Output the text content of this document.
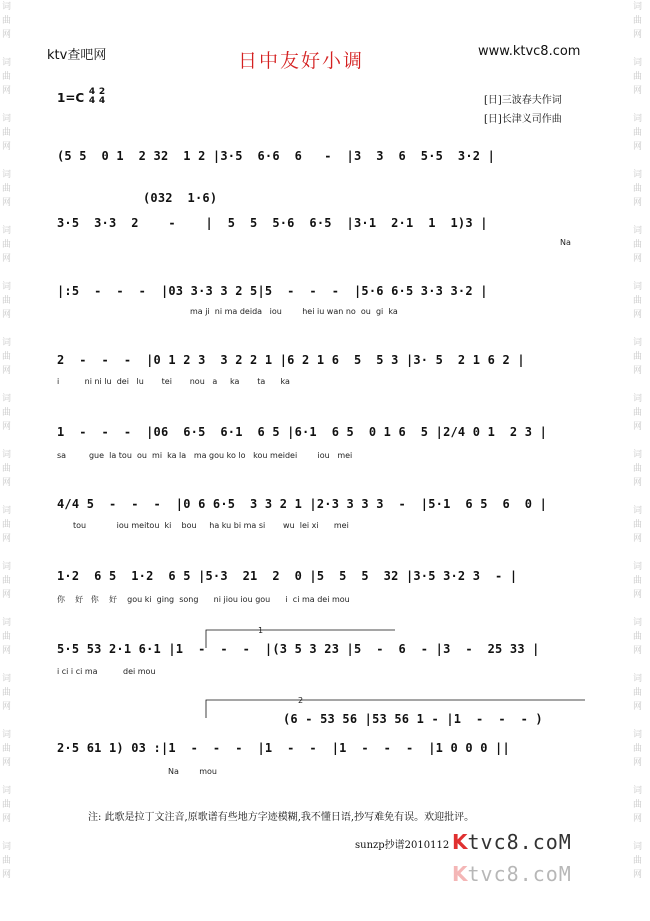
词
曲
网
词
曲
网
词
曲
网
词
曲
网
词
曲
网
词
曲
网
词
曲
网
词
曲
网
词
曲
网
词
曲
网
词
曲
网
词
曲
网
词
曲
网
词
曲
网
词
曲
网
词
曲
网
词
曲
网
词
曲
网
词
曲
网
词
曲
网
词
曲
网
词
曲
网
词
曲
网
词
曲
网
词
曲
网
词
曲
网
词
曲
网
词
曲
网
词
曲
网
词
曲
网
词
曲
网
词
曲
网
ktv查吧网	日中友好小调	www.ktvc8.com
1=C 4
4
2
4	[日]三波春夫作词
[日]长津义司作曲
(5 5  0 1  2 32  1 2 |3·5  6·6  6   -  |3  3  6  5·5  3·2 |
(032  1·6)
3·5  3·3  2    -    |  5  5  5·6  6·5  |3·1  2·1  1  1)3 |
Na
|:5  -  -  -  |03 3·3 3 2 5|5  -  -  -  |5·6 6·5 3·3 3·2 |
ma ji  ni ma deida   iou        hei iu wan no  ou  gi  ka
2  -  -  -  |0 1 2 3  3 2 2 1 |6 2 1 6  5  5 3 |3· 5  2 1 6 2 |
i          ni ni lu  dei   lu       tei       nou   a     ka       ta      ka
1  -  -  -  |06  6·5  6·1  6 5 |6·1  6 5  0 1 6  5 |2/4 0 1  2 3 |
sa         gue  la tou  ou  mi  ka la   ma gou ko lo   kou meidei        iou   mei
4/4 5  -  -  -  |0 6 6·5  3 3 2 1 |2·3 3 3 3  -  |5·1  6 5  6  0 |
tou            iou meitou  ki    bou     ha ku bi ma si       wu  lei xi      mei
1·2  6 5  1·2  6 5 |5·3  21  2  0 |5  5  5  32 |3·5 3·2 3  - |
你    好   你    好    gou ki  ging  song      ni jiou iou gou      i  ci ma dei mou
5·5 53 2·1 6·1 |1  -  -  -  |(3 5 3 23 |5  -  6  - |3  -  25 33 |
i ci i ci ma          dei mou
1
(6 - 53 56 |53 56 1 - |1  -  -  - )
2
2·5 61 1) 03 :|1  -  -  -  |1  -  -  |1  -  -  -  |1 0 0 0 ||
Na        mou
注: 此歌是拉丁文注音,原歌谱有些地方字迹模糊,我不懂日语,抄写难免有误。欢迎批评。
sunzp抄谱2010112 Ktvc8.coM
Ktvc8.coM
